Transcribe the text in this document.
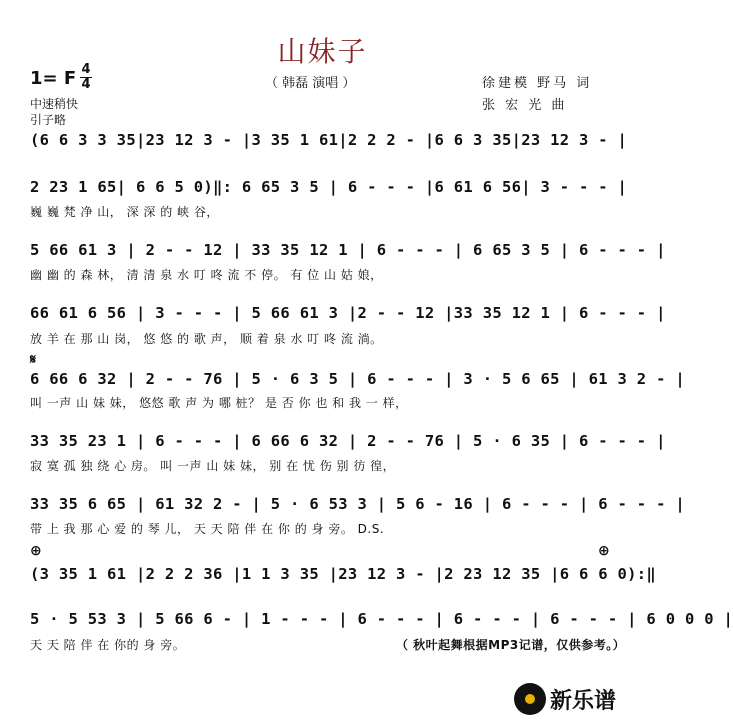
山妹子
1= F 4
4	（ 韩磊 演唱 ）	徐建模 野马 词
张 宏 光 曲
中速稍快
引子略
(6 6 3 3 35|23 12 3 - |3 35 1 61|2 2 2 - |6 6 3 35|23 12 3 - |
2 23 1 65| 6 6 5 0)‖: 6 65 3 5 | 6 - - - |6 61 6 56| 3 - - - |
巍 巍 梵 净 山， 深 深 的 峡 谷，
5 66 61 3 | 2 - - 12 | 33 35 12 1 | 6 - - - | 6 65 3 5 | 6 - - - |
幽 幽 的 森 林， 清 清 泉 水 叮 咚 流 不 停。 有 位 山 姑 娘，
66 61 6 56 | 3 - - - | 5 66 61 3 |2 - - 12 |33 35 12 1 | 6 - - - |
放 羊 在 那 山 岗， 悠 悠 的 歌 声， 顺 着 泉 水 叮 咚 流 淌。
𝄋
6 66 6 32 | 2 - - 76 | 5 · 6 3 5 | 6 - - - | 3 · 5 6 65 | 61 3 2 - |
叫 一声 山 妹 妹， 悠悠 歌 声 为 哪 桩？ 是 否 你 也 和 我 一 样，
33 35 23 1 | 6 - - - | 6 66 6 32 | 2 - - 76 | 5 · 6 35 | 6 - - - |
寂 寞 孤 独 绕 心 房。 叫 一声 山 妹 妹， 别 在 忧 伤 别 彷 徨，
33 35 6 65 | 61 32 2 - | 5 · 6 53 3 | 5 6 - 16 | 6 - - - | 6 - - - |
带 上 我 那 心 爱 的 琴 儿， 天 天 陪 伴 在 你 的 身 旁。 D.S.
⊕	⊕
(3 35 1 61 |2 2 2 36 |1 1 3 35 |23 12 3 - |2 23 12 35 |6 6 6 0):‖
5 · 5 53 3 | 5 66 6 - | 1 - - - | 6 - - - | 6 - - - | 6 - - - | 6 0 0 0 |
天 天 陪 伴 在 你的 身 旁。	（ 秋叶起舞根据MP3记谱，仅供参考。）
新乐谱
